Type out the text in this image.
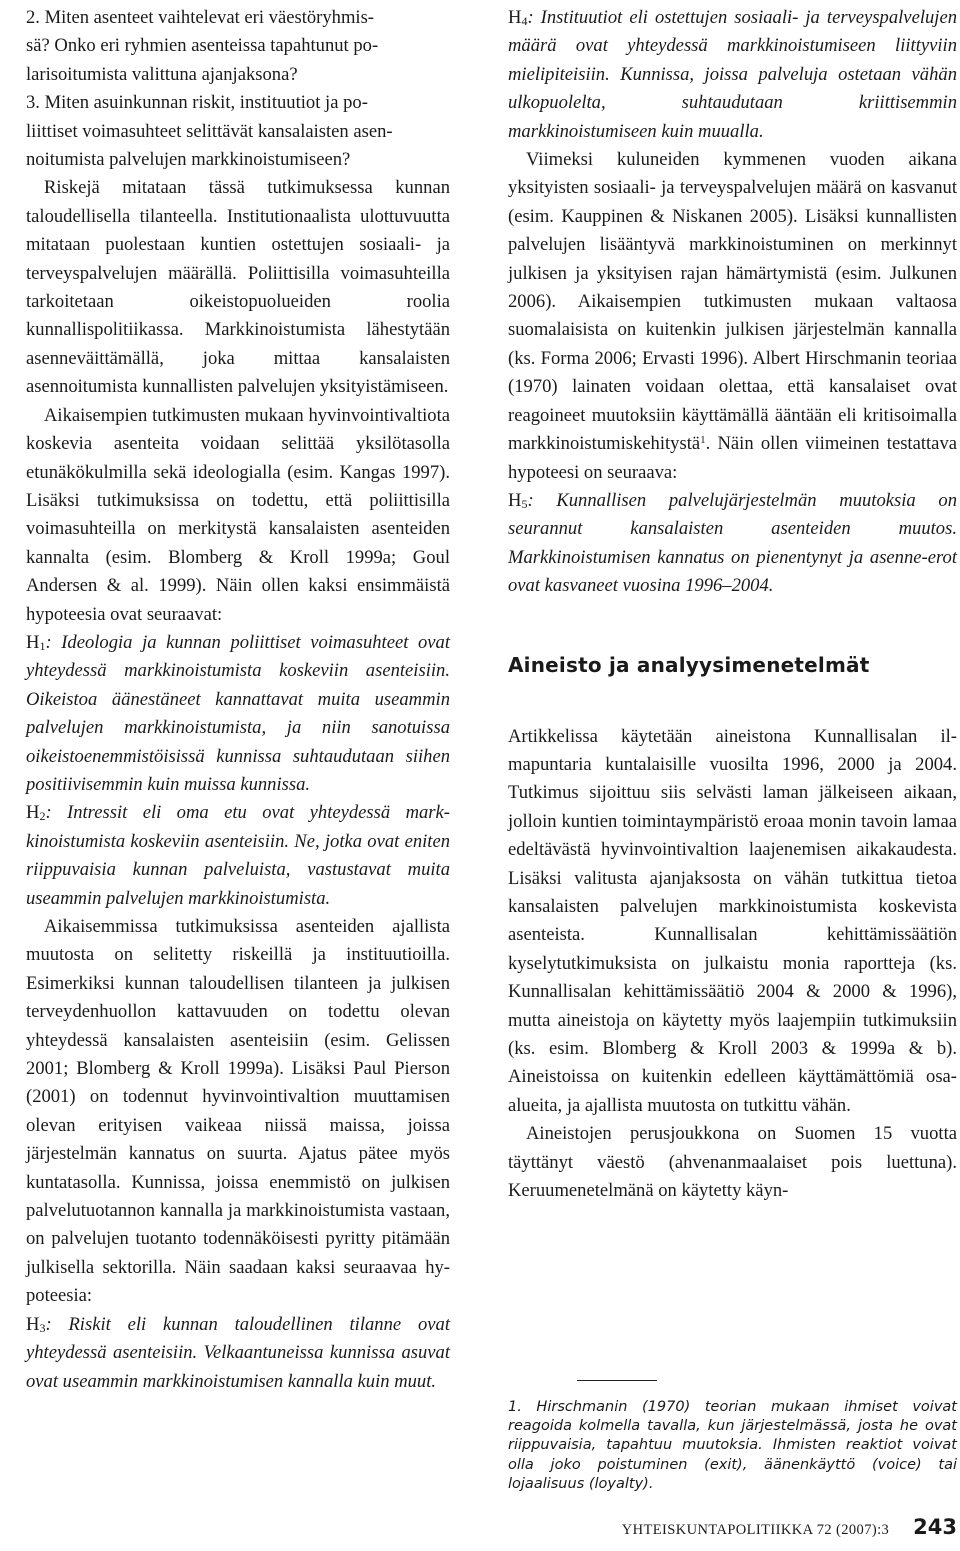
2. Miten asenteet vaihtelevat eri väestöryhmis-
sä? Onko eri ryhmien asenteissa tapahtunut po-
larisoitumista valittuna ajanjaksona?
3. Miten asuinkunnan riskit, instituutiot ja po-
liittiset voimasuhteet selittävät kansalaisten asen-
noitumista palvelujen markkinoistumiseen?

Riskejä mitataan tässä tutkimuksessa kunnan taloudellisella tilanteella. Institutionaalista ulottuvuutta mitataan puolestaan kuntien ostettujen sosiaali- ja terveyspalvelujen määrällä. Poliittisilla voimasuhteilla tarkoitetaan oikeistopuolueiden roolia kunnallispolitiikassa. Markkinoistumista lähestytään asenneväittämällä, joka mittaa kansalaisten asennoitumista kunnallisten palvelujen yksityistämiseen.

Aikaisempien tutkimusten mukaan hyvinvointivaltiota koskevia asenteita voidaan selittää yksilötasolla etunäkökulmilla sekä ideologialla (esim. Kangas 1997). Lisäksi tutkimuksissa on todettu, että poliittisilla voimasuhteilla on merkitystä kansalaisten asenteiden kannalta (esim. Blomberg & Kroll 1999a; Goul Andersen & al. 1999). Näin ollen kaksi ensimmäistä hypoteesia ovat seuraavat:

$H_1$: Ideologia ja kunnan poliittiset voimasuhteet ovat yhteydessä markkinoistumista koskeviin asenteisiin. Oikeistoa äänestäneet kannattavat muita useammin palvelujen markkinoistumista, ja niin sanotuissa oikeistoenemmistöisissä kunnissa suhtaudutaan siihen positiivisemmin kuin muissa kunnissa.

$H_2$: Intressit eli oma etu ovat yhteydessä markkinoistumista koskeviin asenteisiin. Ne, jotka ovat eniten riippuvaisia kunnan palveluista, vastustavat muita useammin palvelujen markkinoistumista.

Aikaisemmissa tutkimuksissa asenteiden ajallista muutosta on selitetty riskeillä ja instituutioilla. Esimerkiksi kunnan taloudellisen tilanteen ja julkisen terveydenhuollon kattavuuden on todettu olevan yhteydessä kansalaisten asenteisiin (esim. Gelissen 2001; Blomberg & Kroll 1999a). Lisäksi Paul Pierson (2001) on todennut hyvinvointivaltion muuttamisen olevan erityisen vaikeaa niissä maissa, joissa järjestelmän kannatus on suurta. Ajatus pätee myös kuntatasolla. Kunnissa, joissa enemmistö on julkisen palvelutuotannon kannalla ja markkinoistumista vastaan, on palvelujen tuotanto todennäköisesti pyritty pitämään julkisella sektorilla. Näin saadaan kaksi seuraavaa hypoteesia:

$H_3$: Riskit eli kunnan taloudellinen tilanne ovat yhteydessä asenteisiin. Velkaantuneissa kunnissa asuvat ovat useammin markkinoistumisen kannalla kuin muut.

$H_4$: Instituutiot eli ostettujen sosiaali- ja terveyspalvelujen määrä ovat yhteydessä markkinoistumiseen liittyviin mielipiteisiin. Kunnissa, joissa palveluja ostetaan vähän ulkopuolelta, suhtaudutaan kriittisemmin markkinoistumiseen kuin muualla.

Viimeksi kuluneiden kymmenen vuoden aikana yksityisten sosiaali- ja terveyspalvelujen määrä on kasvanut (esim. Kauppinen & Niskanen 2005). Lisäksi kunnallisten palvelujen lisääntyvä markkinoistuminen on merkinnyt julkisen ja yksityisen rajan hämärtymistä (esim. Julkunen 2006). Aikaisempien tutkimusten mukaan valtaosa suomalaisista on kuitenkin julkisen järjestelmän kannalla (ks. Forma 2006; Ervasti 1996). Albert Hirschmanin teoriaa (1970) lainaten voidaan olettaa, että kansalaiset ovat reagoineet muutoksiin käyttämällä ääntään eli kritisoimalla markkinoistumiskehitystä$^1$. Näin ollen viimeinen testattava hypoteesi on seuraava:

$H_5$: Kunnallisen palvelujärjestelmän muutoksia on seurannut kansalaisten asenteiden muutos. Markkinoistumisen kannatus on pienentynyt ja asenne-erot ovat kasvaneet vuosina 1996–2004.

Aineisto ja analyysimenetelmät

Artikkelissa käytetään aineistona Kunnallisalan ilmapuntaria kuntalaisille vuosilta 1996, 2000 ja 2004. Tutkimus sijoittuu siis selvästi laman jälkeiseen aikaan, jolloin kuntien toimintaympäristö eroaa monin tavoin lamaa edeltävästä hyvinvointivaltion laajenemisen aikakaudesta. Lisäksi valitusta ajanjaksosta on vähän tutkittua tietoa kansalaisten palvelujen markkinoistumista koskevista asenteista. Kunnallisalan kehittämissäätiön kyselytutkimuksista on julkaistu monia raportteja (ks. Kunnallisalan kehittämissäätiö 2004 & 2000 & 1996), mutta aineistoja on käytetty myös laajempiin tutkimuksiin (ks. esim. Blomberg & Kroll 2003 & 1999a & b). Aineistoissa on kuitenkin edelleen käyttämättömiä osa-alueita, ja ajallista muutosta on tutkittu vähän.

Aineistojen perusjoukkona on Suomen 15 vuotta täyttänyt väestö (ahvenanmaalaiset pois luettuna). Keruumenetelmänä on käytetty käyn-

1. Hirschmanin (1970) teorian mukaan ihmiset voivat reagoida kolmella tavalla, kun järjestelmässä, josta he ovat riippuvaisia, tapahtuu muutoksia. Ihmisten reaktiot voivat olla joko poistuminen (exit), äänenkäyttö (voice) tai lojaalisuus (loyalty).

YHTEISKUNTAPOLITIIKKA 72 (2007):3 243
